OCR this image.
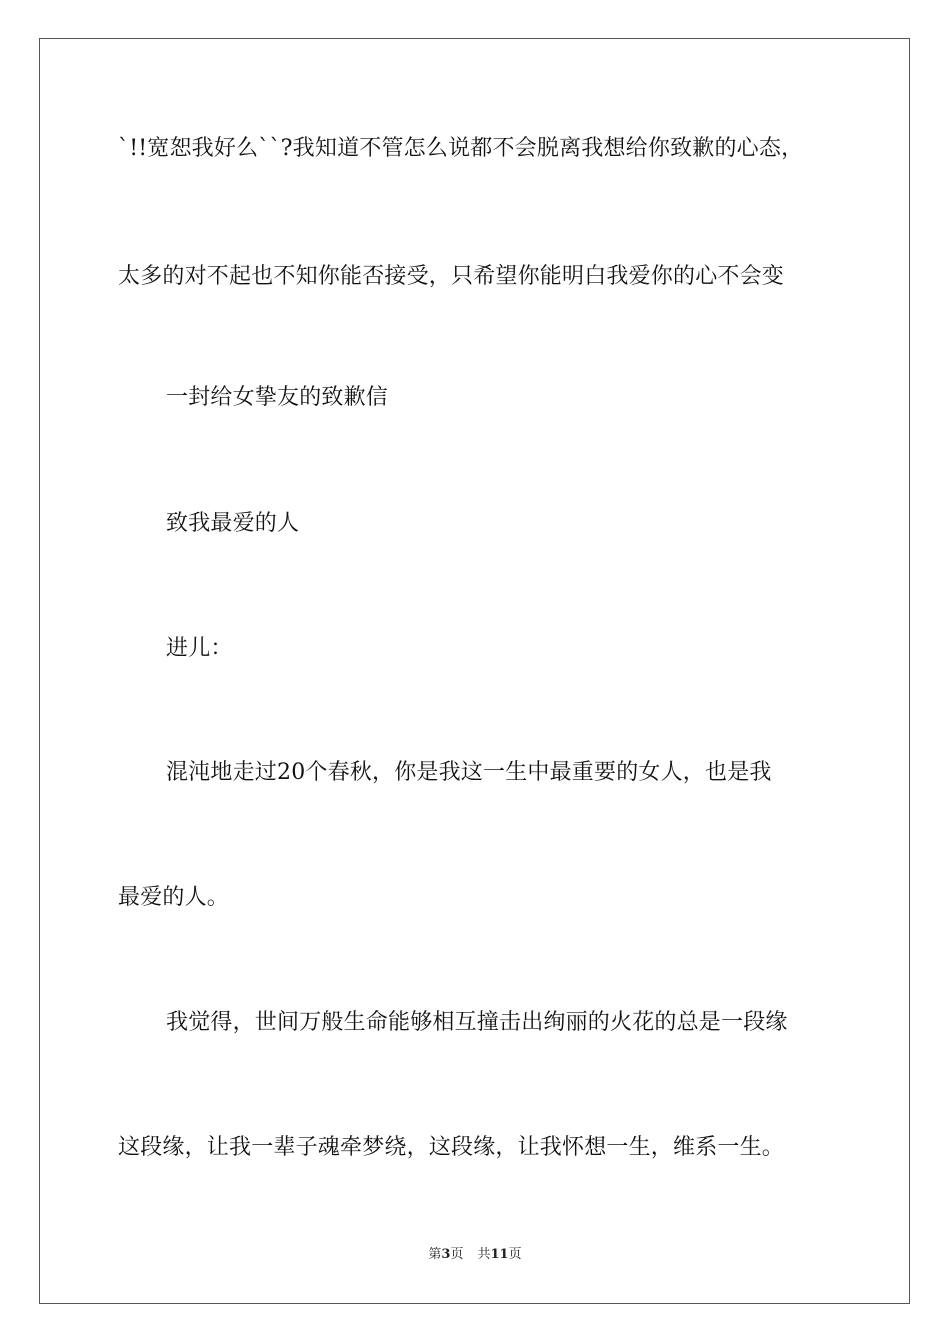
`!!宽恕我好么``?我知道不管怎么说都不会脱离我想给你致歉的心态，
太多的对不起也不知你能否接受，只希望你能明白我爱你的心不会变
一封给女挚友的致歉信
致我最爱的人
进儿：
混沌地走过20个春秋，你是我这一生中最重要的女人，也是我
最爱的人。
我觉得，世间万般生命能够相互撞击出绚丽的火花的总是一段缘
这段缘，让我一辈子魂牵梦绕，这段缘，让我怀想一生，维系一生。
第3页 共11页
